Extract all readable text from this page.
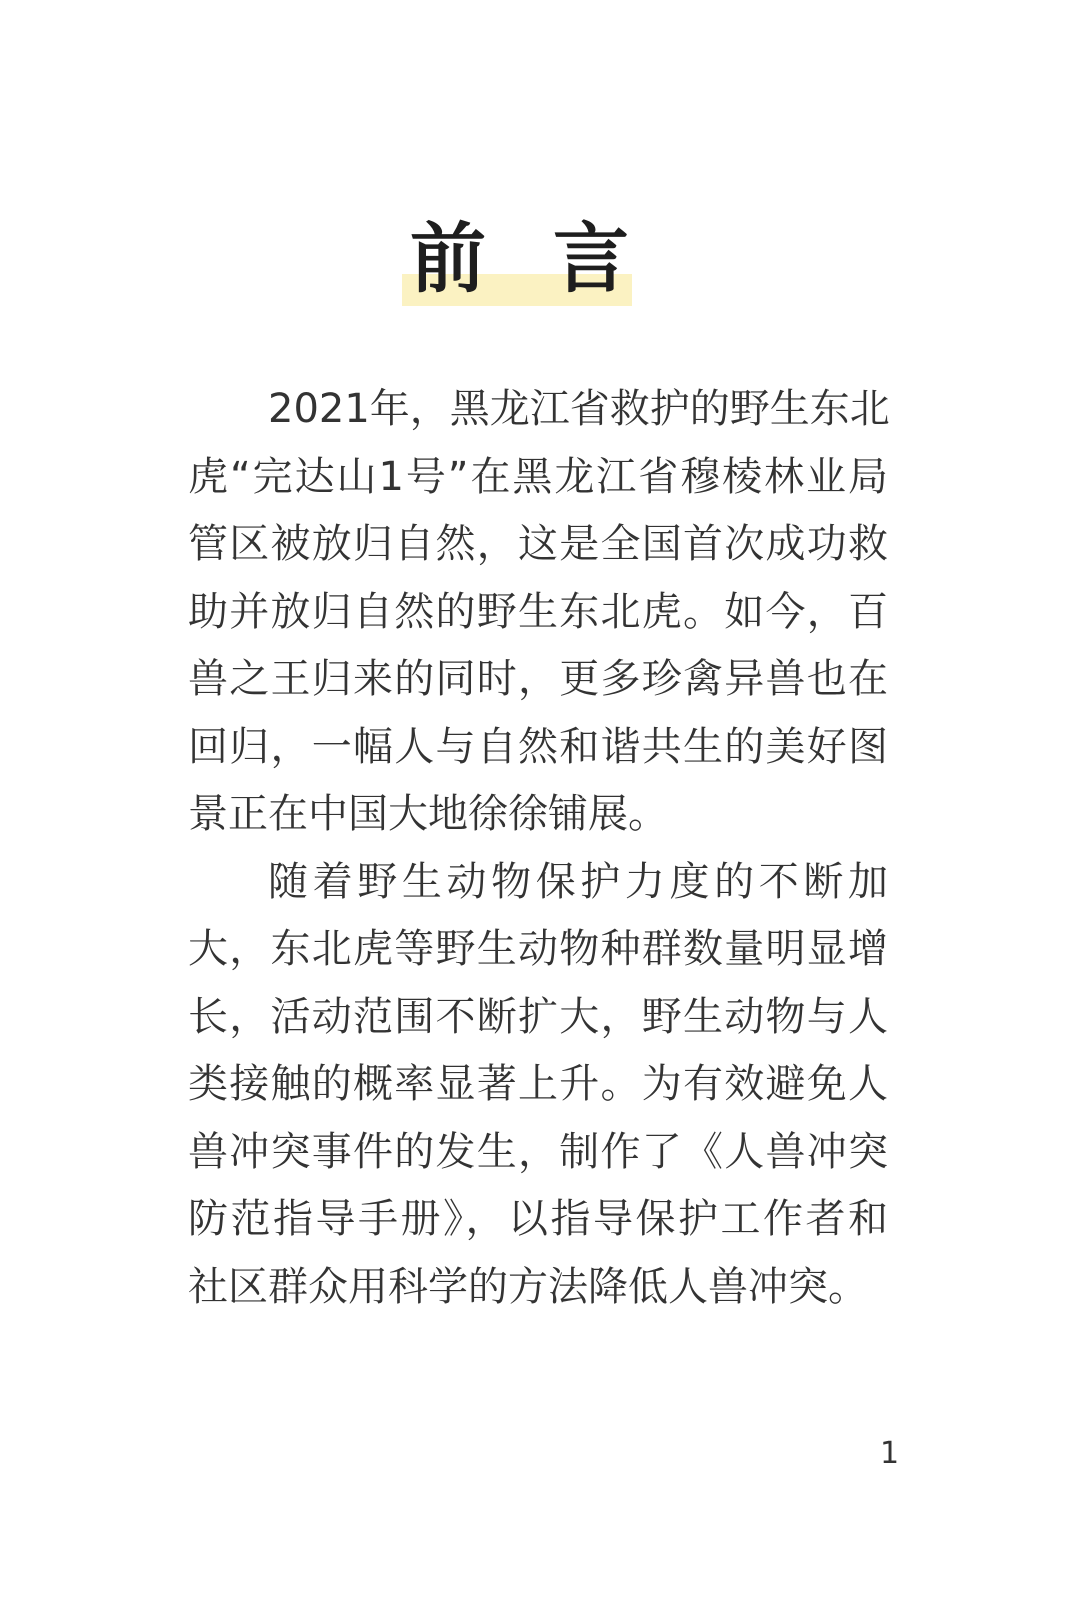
前 言
2021年，黑龙江省救护的野生东北
虎“完达山1号”在黑龙江省穆棱林业局
管区被放归自然，这是全国首次成功救
助并放归自然的野生东北虎。如今，百
兽之王归来的同时，更多珍禽异兽也在
回归，一幅人与自然和谐共生的美好图
景正在中国大地徐徐铺展。
随着野生动物保护力度的不断加
大，东北虎等野生动物种群数量明显增
长，活动范围不断扩大，野生动物与人
类接触的概率显著上升。为有效避免人
兽冲突事件的发生，制作了《人兽冲突
防范指导手册》，以指导保护工作者和
社区群众用科学的方法降低人兽冲突。
1
